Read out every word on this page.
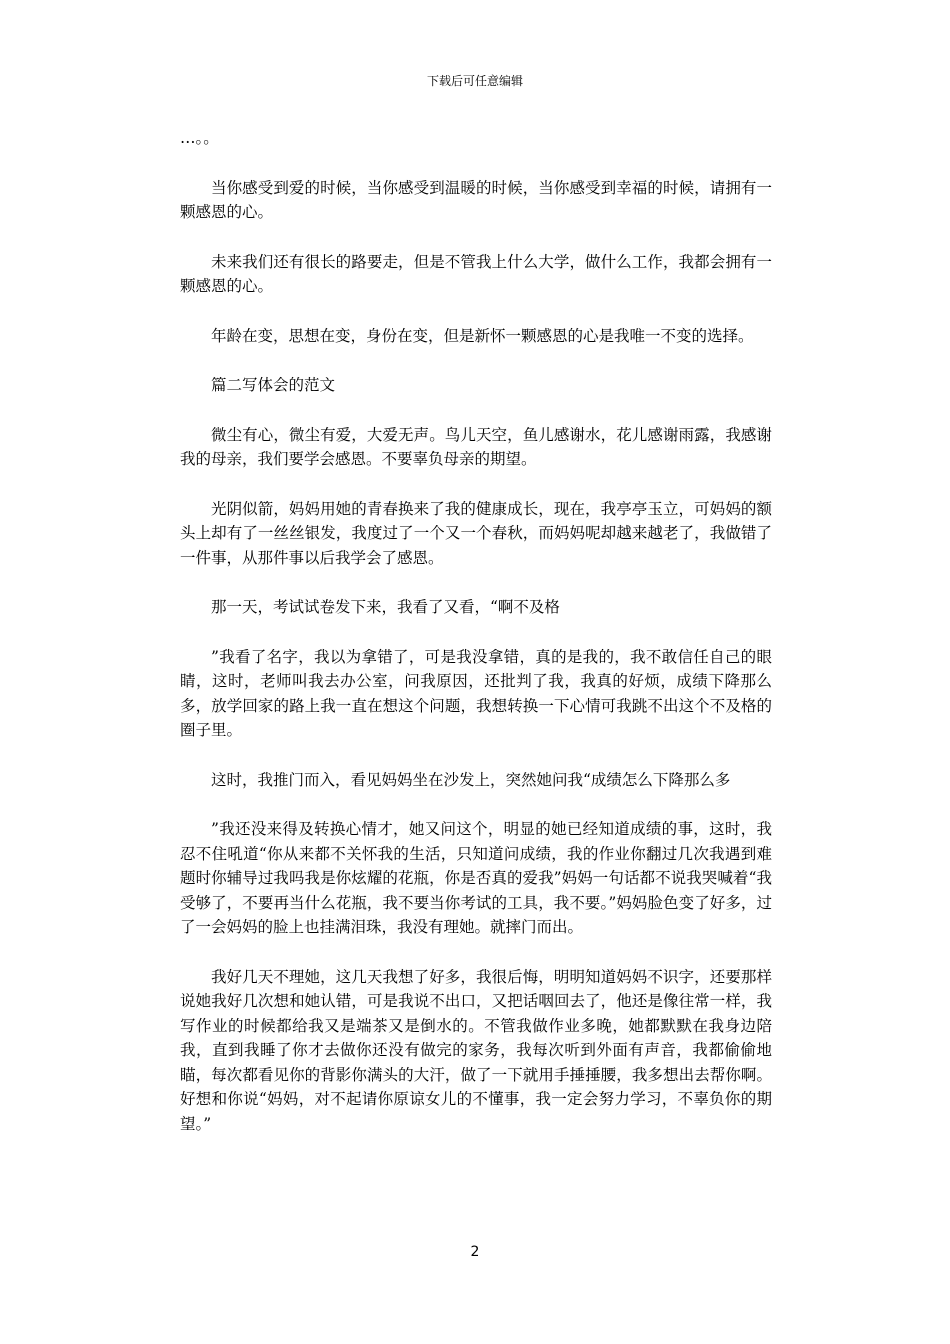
下载后可任意编辑

…。。

当你感受到爱的时候，当你感受到温暖的时候，当你感受到幸福的时候，请拥有一颗感恩的心。

未来我们还有很长的路要走，但是不管我上什么大学，做什么工作，我都会拥有一颗感恩的心。

年龄在变，思想在变，身份在变，但是新怀一颗感恩的心是我唯一不变的选择。

篇二写体会的范文

微尘有心，微尘有爱，大爱无声。鸟儿天空，鱼儿感谢水，花儿感谢雨露，我感谢我的母亲，我们要学会感恩。不要辜负母亲的期望。

光阴似箭，妈妈用她的青春换来了我的健康成长，现在，我亭亭玉立，可妈妈的额头上却有了一丝丝银发，我度过了一个又一个春秋，而妈妈呢却越来越老了，我做错了一件事，从那件事以后我学会了感恩。

那一天，考试试卷发下来，我看了又看，“啊不及格

”我看了名字，我以为拿错了，可是我没拿错，真的是我的，我不敢信任自己的眼睛，这时，老师叫我去办公室，问我原因，还批判了我，我真的好烦，成绩下降那么多，放学回家的路上我一直在想这个问题，我想转换一下心情可我跳不出这个不及格的圈子里。

这时，我推门而入，看见妈妈坐在沙发上，突然她问我“成绩怎么下降那么多

”我还没来得及转换心情才，她又问这个，明显的她已经知道成绩的事，这时，我忍不住吼道“你从来都不关怀我的生活，只知道问成绩，我的作业你翻过几次我遇到难题时你辅导过我吗我是你炫耀的花瓶，你是否真的爱我”妈妈一句话都不说我哭喊着“我受够了，不要再当什么花瓶，我不要当你考试的工具，我不要。”妈妈脸色变了好多，过了一会妈妈的脸上也挂满泪珠，我没有理她。就摔门而出。

我好几天不理她，这几天我想了好多，我很后悔，明明知道妈妈不识字，还要那样说她我好几次想和她认错，可是我说不出口，又把话咽回去了，他还是像往常一样，我写作业的时候都给我又是端茶又是倒水的。不管我做作业多晚，她都默默在我身边陪我，直到我睡了你才去做你还没有做完的家务，我每次听到外面有声音，我都偷偷地瞄，每次都看见你的背影你满头的大汗，做了一下就用手捶捶腰，我多想出去帮你啊。好想和你说“妈妈，对不起请你原谅女儿的不懂事，我一定会努力学习，不辜负你的期望。”

2
